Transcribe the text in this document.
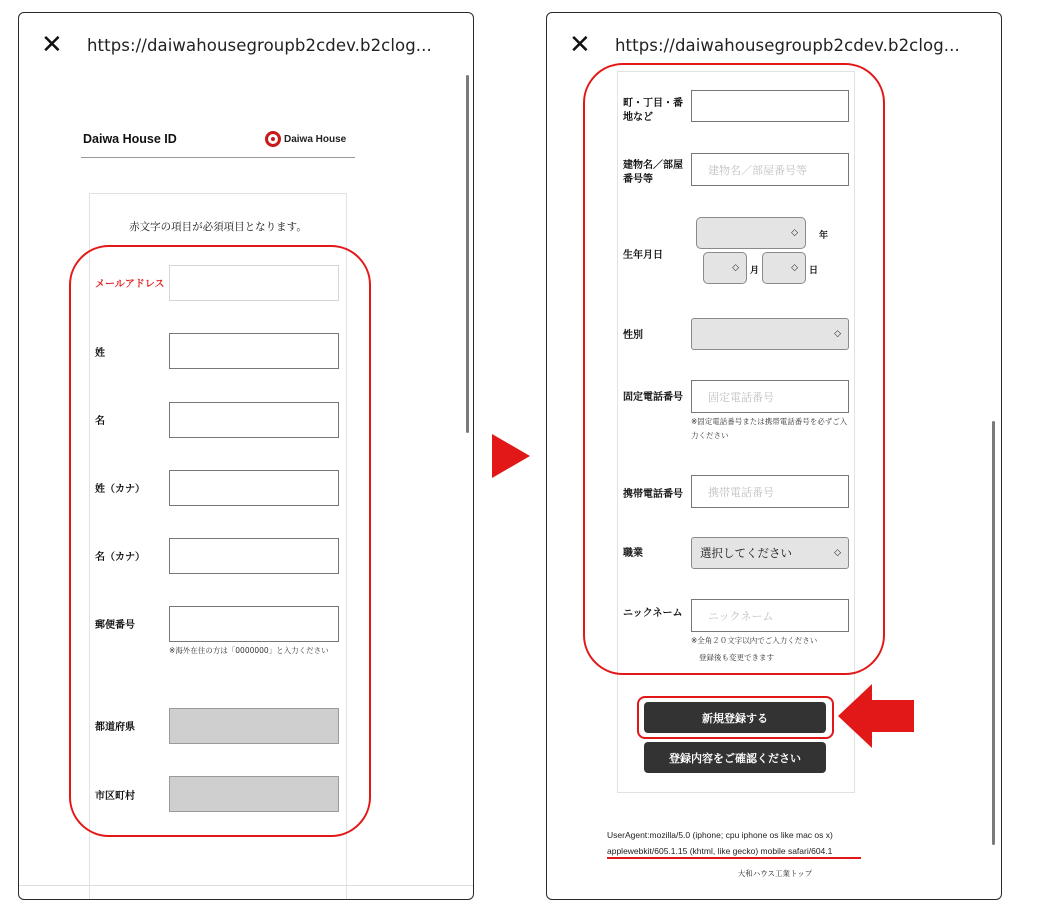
✕ https://daiwahousegroupb2cdev.b2clog...
Daiwa House ID	Daiwa House
赤文字の項目が必須項目となります。
メールアドレス
姓
名
姓（カナ）
名（カナ）
郵便番号
※海外在住の方は「0000000」と入力ください
都道府県
市区町村
✕ https://daiwahousegroupb2cdev.b2clog...
町・丁目・番地など
建物名／部屋番号等
建物名／部屋番号等
生年月日
◇ 年
◇ 月	◇ 日
性別	◇
固定電話番号	固定電話番号
※固定電話番号または携帯電話番号を必ずご入力ください
携帯電話番号	携帯電話番号
職業	選択してください	◇
ニックネーム	ニックネーム
※全角２０文字以内でご入力ください
登録後も変更できます
新規登録する
登録内容をご確認ください
UserAgent:mozilla/5.0 (iphone; cpu iphone os like mac os x)
applewebkit/605.1.15 (khtml, like gecko) mobile safari/604.1
大和ハウス工業トップ
